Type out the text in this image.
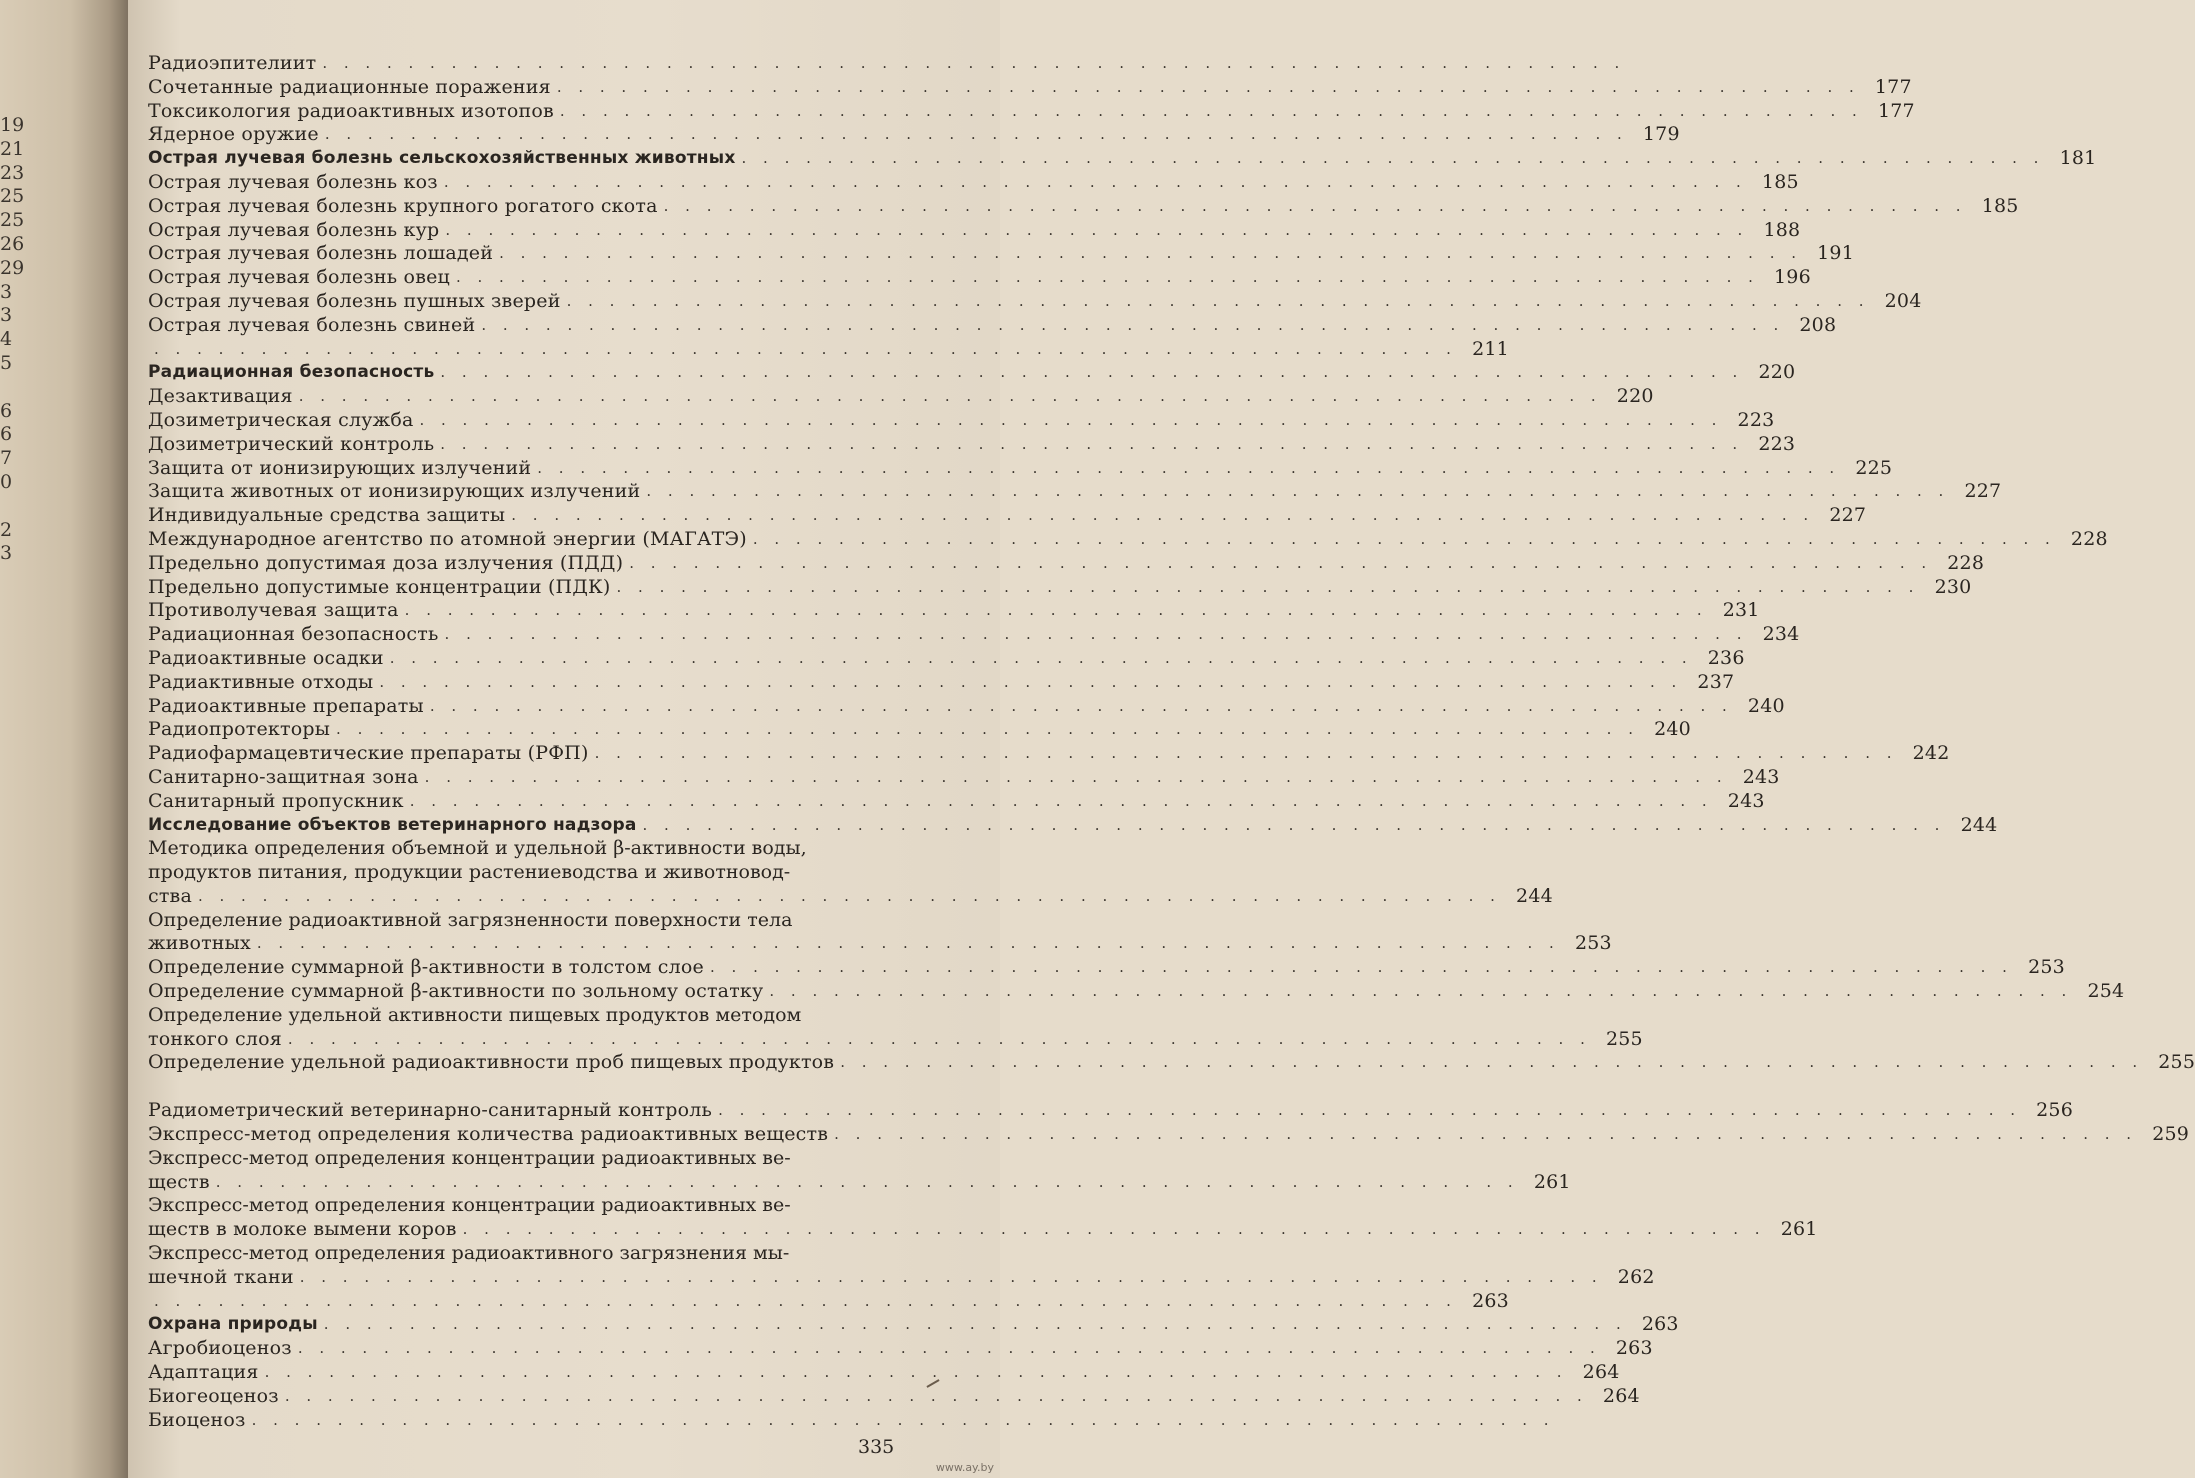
19
21
23
25
25
26
29
3
3
4
5
6
6
7
0
2
3
Радиоэпителиит . . . . . . . . . . . . . . . . . . . . . . . . . . . . . . . . . . . . . . . . . . . . . . . . . . . . . . . . . . . . .
Сочетанные радиационные поражения . . . . . . . . . . . . . . . . . . . . . . . . . . . . . . . . . . . . . . . . . . . . . . . . . . . . . . . . . . . . . 177
Токсикология радиоактивных изотопов . . . . . . . . . . . . . . . . . . . . . . . . . . . . . . . . . . . . . . . . . . . . . . . . . . . . . . . . . . . . . 177
Ядерное оружие . . . . . . . . . . . . . . . . . . . . . . . . . . . . . . . . . . . . . . . . . . . . . . . . . . . . . . . . . . . . . 179
Острая лучевая болезнь сельскохозяйственных животных . . . . . . . . . . . . . . . . . . . . . . . . . . . . . . . . . . . . . . . . . . . . . . . . . . . . . . . . . . . . . 181
Острая лучевая болезнь коз . . . . . . . . . . . . . . . . . . . . . . . . . . . . . . . . . . . . . . . . . . . . . . . . . . . . . . . . . . . . . 185
Острая лучевая болезнь крупного рогатого скота . . . . . . . . . . . . . . . . . . . . . . . . . . . . . . . . . . . . . . . . . . . . . . . . . . . . . . . . . . . . . 185
Острая лучевая болезнь кур . . . . . . . . . . . . . . . . . . . . . . . . . . . . . . . . . . . . . . . . . . . . . . . . . . . . . . . . . . . . . 188
Острая лучевая болезнь лошадей . . . . . . . . . . . . . . . . . . . . . . . . . . . . . . . . . . . . . . . . . . . . . . . . . . . . . . . . . . . . . 191
Острая лучевая болезнь овец . . . . . . . . . . . . . . . . . . . . . . . . . . . . . . . . . . . . . . . . . . . . . . . . . . . . . . . . . . . . . 196
Острая лучевая болезнь пушных зверей . . . . . . . . . . . . . . . . . . . . . . . . . . . . . . . . . . . . . . . . . . . . . . . . . . . . . . . . . . . . . 204
Острая лучевая болезнь свиней . . . . . . . . . . . . . . . . . . . . . . . . . . . . . . . . . . . . . . . . . . . . . . . . . . . . . . . . . . . . . 208
. . . . . . . . . . . . . . . . . . . . . . . . . . . . . . . . . . . . . . . . . . . . . . . . . . . . . . . . . . . . . 211
Радиационная безопасность . . . . . . . . . . . . . . . . . . . . . . . . . . . . . . . . . . . . . . . . . . . . . . . . . . . . . . . . . . . . . 220
Дезактивация . . . . . . . . . . . . . . . . . . . . . . . . . . . . . . . . . . . . . . . . . . . . . . . . . . . . . . . . . . . . . 220
Дозиметрическая служба . . . . . . . . . . . . . . . . . . . . . . . . . . . . . . . . . . . . . . . . . . . . . . . . . . . . . . . . . . . . . 223
Дозиметрический контроль . . . . . . . . . . . . . . . . . . . . . . . . . . . . . . . . . . . . . . . . . . . . . . . . . . . . . . . . . . . . . 223
Защита от ионизирующих излучений . . . . . . . . . . . . . . . . . . . . . . . . . . . . . . . . . . . . . . . . . . . . . . . . . . . . . . . . . . . . . 225
Защита животных от ионизирующих излучений . . . . . . . . . . . . . . . . . . . . . . . . . . . . . . . . . . . . . . . . . . . . . . . . . . . . . . . . . . . . . 227
Индивидуальные средства защиты . . . . . . . . . . . . . . . . . . . . . . . . . . . . . . . . . . . . . . . . . . . . . . . . . . . . . . . . . . . . . 227
Международное агентство по атомной энергии (МАГАТЭ) . . . . . . . . . . . . . . . . . . . . . . . . . . . . . . . . . . . . . . . . . . . . . . . . . . . . . . . . . . . . . 228
Предельно допустимая доза излучения (ПДД) . . . . . . . . . . . . . . . . . . . . . . . . . . . . . . . . . . . . . . . . . . . . . . . . . . . . . . . . . . . . . 228
Предельно допустимые концентрации (ПДК) . . . . . . . . . . . . . . . . . . . . . . . . . . . . . . . . . . . . . . . . . . . . . . . . . . . . . . . . . . . . . 230
Противолучевая защита . . . . . . . . . . . . . . . . . . . . . . . . . . . . . . . . . . . . . . . . . . . . . . . . . . . . . . . . . . . . . 231
Радиационная безопасность . . . . . . . . . . . . . . . . . . . . . . . . . . . . . . . . . . . . . . . . . . . . . . . . . . . . . . . . . . . . . 234
Радиоактивные осадки . . . . . . . . . . . . . . . . . . . . . . . . . . . . . . . . . . . . . . . . . . . . . . . . . . . . . . . . . . . . . 236
Радиактивные отходы . . . . . . . . . . . . . . . . . . . . . . . . . . . . . . . . . . . . . . . . . . . . . . . . . . . . . . . . . . . . . 237
Радиоактивные препараты . . . . . . . . . . . . . . . . . . . . . . . . . . . . . . . . . . . . . . . . . . . . . . . . . . . . . . . . . . . . . 240
Радиопротекторы . . . . . . . . . . . . . . . . . . . . . . . . . . . . . . . . . . . . . . . . . . . . . . . . . . . . . . . . . . . . . 240
Радиофармацевтические препараты (РФП) . . . . . . . . . . . . . . . . . . . . . . . . . . . . . . . . . . . . . . . . . . . . . . . . . . . . . . . . . . . . . 242
Санитарно-защитная зона . . . . . . . . . . . . . . . . . . . . . . . . . . . . . . . . . . . . . . . . . . . . . . . . . . . . . . . . . . . . . 243
Санитарный пропускник . . . . . . . . . . . . . . . . . . . . . . . . . . . . . . . . . . . . . . . . . . . . . . . . . . . . . . . . . . . . . 243
Исследование объектов ветеринарного надзора . . . . . . . . . . . . . . . . . . . . . . . . . . . . . . . . . . . . . . . . . . . . . . . . . . . . . . . . . . . . . 244
Методика определения объемной и удельной β-активности воды,
продуктов питания, продукции растениеводства и животновод-
ства . . . . . . . . . . . . . . . . . . . . . . . . . . . . . . . . . . . . . . . . . . . . . . . . . . . . . . . . . . . . . 244
Определение радиоактивной загрязненности поверхности тела
животных . . . . . . . . . . . . . . . . . . . . . . . . . . . . . . . . . . . . . . . . . . . . . . . . . . . . . . . . . . . . . 253
Определение суммарной β-активности в толстом слое . . . . . . . . . . . . . . . . . . . . . . . . . . . . . . . . . . . . . . . . . . . . . . . . . . . . . . . . . . . . . 253
Определение суммарной β-активности по зольному остатку . . . . . . . . . . . . . . . . . . . . . . . . . . . . . . . . . . . . . . . . . . . . . . . . . . . . . . . . . . . . . 254
Определение удельной активности пищевых продуктов методом
тонкого слоя . . . . . . . . . . . . . . . . . . . . . . . . . . . . . . . . . . . . . . . . . . . . . . . . . . . . . . . . . . . . . 255
Определение удельной радиоактивности проб пищевых продуктов . . . . . . . . . . . . . . . . . . . . . . . . . . . . . . . . . . . . . . . . . . . . . . . . . . . . . . . . . . . . . 255
Радиометрический ветеринарно-санитарный контроль . . . . . . . . . . . . . . . . . . . . . . . . . . . . . . . . . . . . . . . . . . . . . . . . . . . . . . . . . . . . . 256
Экспресс-метод определения количества радиоактивных веществ . . . . . . . . . . . . . . . . . . . . . . . . . . . . . . . . . . . . . . . . . . . . . . . . . . . . . . . . . . . . . 259
Экспресс-метод определения концентрации радиоактивных ве-
ществ . . . . . . . . . . . . . . . . . . . . . . . . . . . . . . . . . . . . . . . . . . . . . . . . . . . . . . . . . . . . . 261
Экспресс-метод определения концентрации радиоактивных ве-
ществ в молоке вымени коров . . . . . . . . . . . . . . . . . . . . . . . . . . . . . . . . . . . . . . . . . . . . . . . . . . . . . . . . . . . . . 261
Экспресс-метод определения радиоактивного загрязнения мы-
шечной ткани . . . . . . . . . . . . . . . . . . . . . . . . . . . . . . . . . . . . . . . . . . . . . . . . . . . . . . . . . . . . . 262
. . . . . . . . . . . . . . . . . . . . . . . . . . . . . . . . . . . . . . . . . . . . . . . . . . . . . . . . . . . . . 263
Охрана природы . . . . . . . . . . . . . . . . . . . . . . . . . . . . . . . . . . . . . . . . . . . . . . . . . . . . . . . . . . . . . 263
Агробиоценоз . . . . . . . . . . . . . . . . . . . . . . . . . . . . . . . . . . . . . . . . . . . . . . . . . . . . . . . . . . . . . 263
Адаптация . . . . . . . . . . . . . . . . . . . . . . . . . . . . . . . . . . . . . . . . . . . . . . . . . . . . . . . . . . . . . 264
Биогеоценоз . . . . . . . . . . . . . . . . . . . . . . . . . . . . . . . . . . . . . . . . . . . . . . . . . . . . . . . . . . . . . 264
Биоценоз . . . . . . . . . . . . . . . . . . . . . . . . . . . . . . . . . . . . . . . . . . . . . . . . . . . . . . . . . . . . .
335
www.ay.by
